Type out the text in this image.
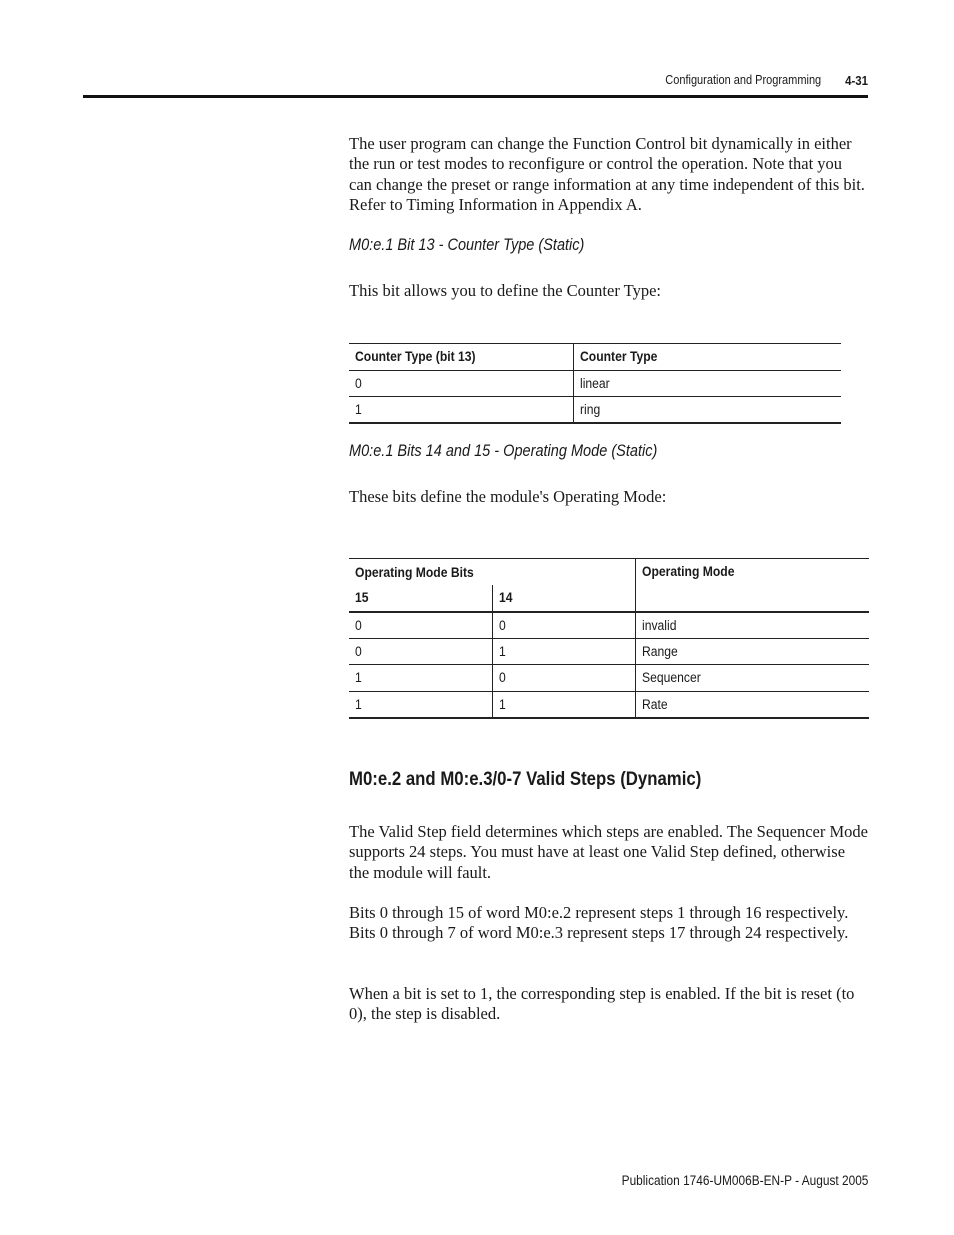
Configuration and Programming 4-31

The user program can change the Function Control bit dynamically in either the run or test modes to reconfigure or control the operation. Note that you can change the preset or range information at any time independent of this bit. Refer to Timing Information in Appendix A.

M0:e.1 Bit 13 - Counter Type (Static)

This bit allows you to define the Counter Type:

Counter Type (bit 13)	Counter Type
0	linear
1	ring
M0:e.1 Bits 14 and 15 - Operating Mode (Static)

These bits define the module's Operating Mode:

Operating Mode Bits		Operating Mode
15	14	
0	0	invalid
0	1	Range
1	0	Sequencer
1	1	Rate
M0:e.2 and M0:e.3/0-7 Valid Steps (Dynamic)

The Valid Step field determines which steps are enabled. The Sequencer Mode supports 24 steps. You must have at least one Valid Step defined, otherwise the module will fault.

Bits 0 through 15 of word M0:e.2 represent steps 1 through 16 respectively. Bits 0 through 7 of word M0:e.3 represent steps 17 through 24 respectively.

When a bit is set to 1, the corresponding step is enabled. If the bit is reset (to 0), the step is disabled.

Publication 1746-UM006B-EN-P - August 2005
